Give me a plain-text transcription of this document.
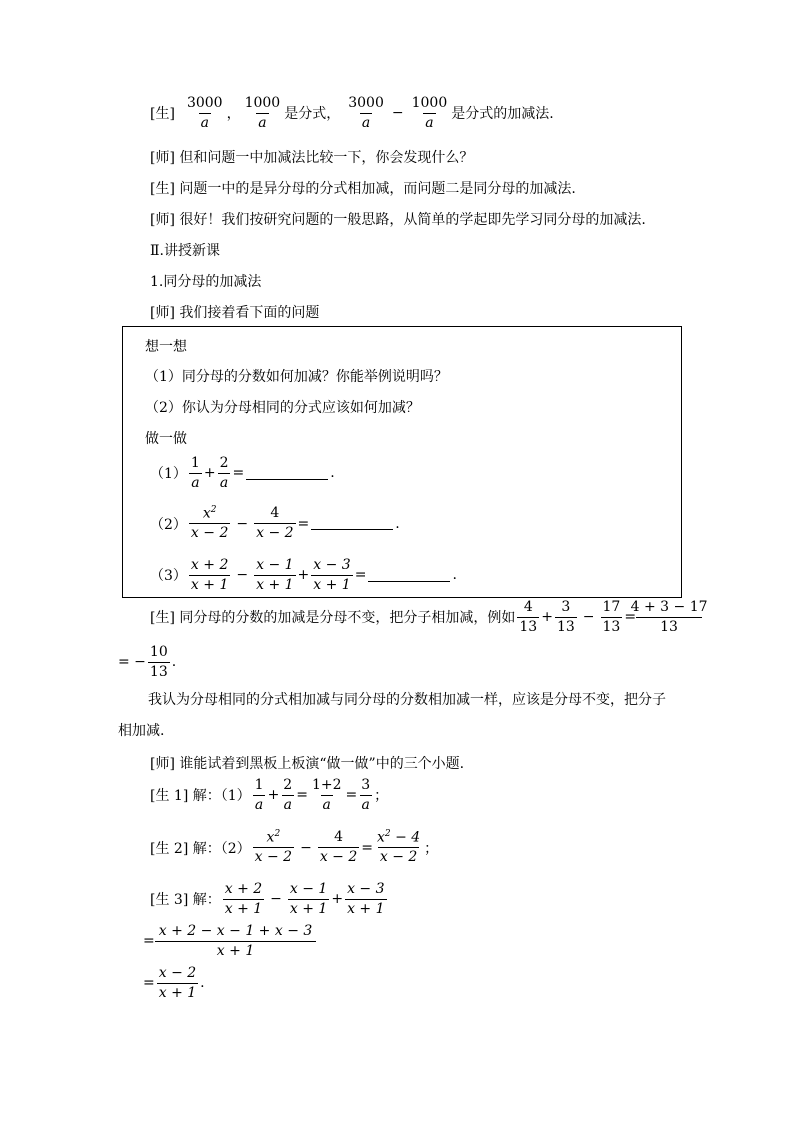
[生] $\frac{3000}{a}$ ， $\frac{1000}{a}$ 是分式， $\frac{3000}{a} - \frac{1000}{a}$ 是分式的加减法.
[师] 但和问题一中加减法比较一下，你会发现什么？
[生] 问题一中的是异分母的分式相加减，而问题二是同分母的加减法.
[师] 很好！我们按研究问题的一般思路，从简单的学起即先学习同分母的加减法.
Ⅱ.讲授新课
1.同分母的加减法
[师] 我们接着看下面的问题
想一想
（1）同分母的分数如何加减？你能举例说明吗？
（2）你认为分母相同的分式应该如何加减？
做一做
$(1) \frac{1}{a} + \frac{2}{a}$ =	.
$(2) \frac{x^2}{x - 2} - \frac{4}{x - 2}$ =	.
$(3) \frac{x + 2}{x + 1} - \frac{x - 1}{x + 1} + \frac{x - 3}{x + 1}$ =	.
[生] 同分母的分数的加减是分母不变，把分子相加减，例如 $\frac{4}{13} + \frac{3}{13} - \frac{17}{13} = \frac{4 + 3 - 17}{13}$
= − $\frac{10}{13}$ .
我认为分母相同的分式相加减与同分母的分数相加减一样，应该是分母不变，把分子
相加减.
[师] 谁能试着到黑板上板演“做一做”中的三个小题.
[生 1] 解：$(1) \frac{1}{a} + \frac{2}{a} = \frac{1+2}{a} = \frac{3}{a}$ ；
[生 2] 解：$(2) \frac{x^2}{x - 2} - \frac{4}{x - 2} = \frac{x^2 - 4}{x - 2}$ ；
[生 3] 解： $\frac{x + 2}{x + 1} - \frac{x - 1}{x + 1} + \frac{x - 3}{x + 1}$
= $\frac{x + 2 - x - 1 + x - 3}{x + 1}$
= $\frac{x - 2}{x + 1}$ .
